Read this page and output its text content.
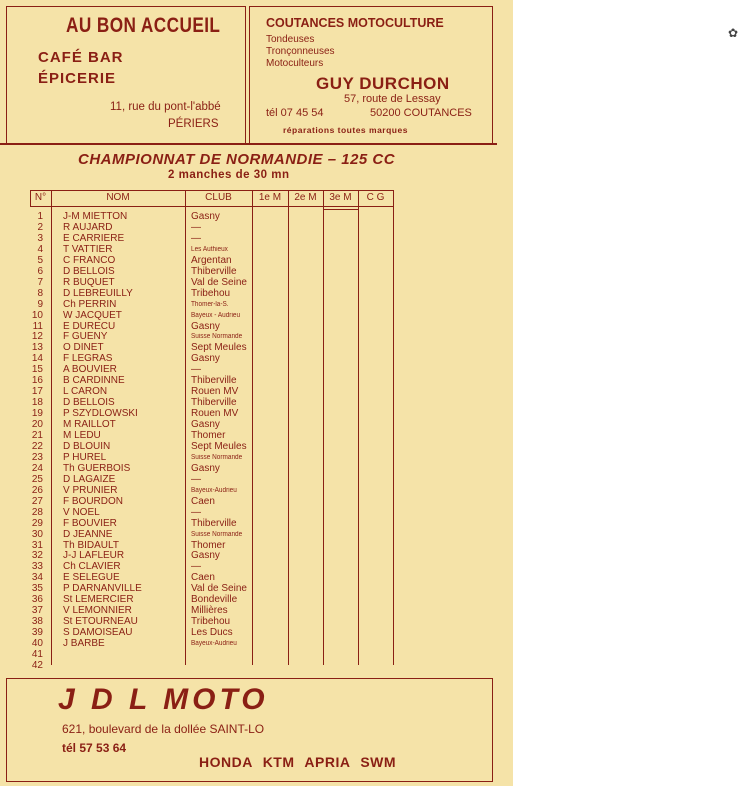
AU BON ACCUEIL
CAFÉ BAR
ÉPICERIE
11, rue du pont-l'abbé
PÉRIERS
COUTANCES MOTOCULTURE
Tondeuses
Tronçonneuses
Motoculteurs
GUY DURCHON
57, route de Lessay
tél 07 45 54	50200 COUTANCES
réparations toutes marques
CHAMPIONNAT DE NORMANDIE – 125 CC
2 manches de 30 mn
N°	NOM	CLUB	1e M	2e M	3e M	C G
1 J-M MIETTON	Gasny
2 R AUJARD	—
3 E CARRIERE	—
4 T VATTIER	Les Authieux
5 C FRANCO	Argentan
6 D BELLOIS	Thiberville
7 R BUQUET	Val de Seine
8 D LEBREUILLY	Tribehou
9 Ch PERRIN	Thomer-la-S.
10 W JACQUET	Bayeux - Audrieu
11 E DURECU	Gasny
12 F GUENY	Suisse Normande
13 O DINET	Sept Meules
14 F LEGRAS	Gasny
15 A BOUVIER	—
16 B CARDINNE	Thiberville
17 L CARON	Rouen MV
18 D BELLOIS	Thiberville
19 P SZYDLOWSKI	Rouen MV
20 M RAILLOT	Gasny
21 M LEDU	Thomer
22 D BLOUIN	Sept Meules
23 P HUREL	Suisse Normande
24 Th GUERBOIS	Gasny
25 D LAGAIZE	—
26 V PRUNIER	Bayeux-Audrieu
27 F BOURDON	Caen
28 V NOEL	—
29 F BOUVIER	Thiberville
30 D JEANNE	Suisse Normande
31 Th BIDAULT	Thomer
32 J-J LAFLEUR	Gasny
33 Ch CLAVIER	—
34 E SELEGUE	Caen
35 P DARNANVILLE	Val de Seine
36 St LEMERCIER	Bondeville
37 V LEMONNIER	Millières
38 St ETOURNEAU	Tribehou
39 S DAMOISEAU	Les Ducs
40 J BARBE	Bayeux-Audrieu
41
42
J D L MOTO
621, boulevard de la dollée SAINT-LO
tél 57 53 64
HONDA KTM APRIA SWM
✿
